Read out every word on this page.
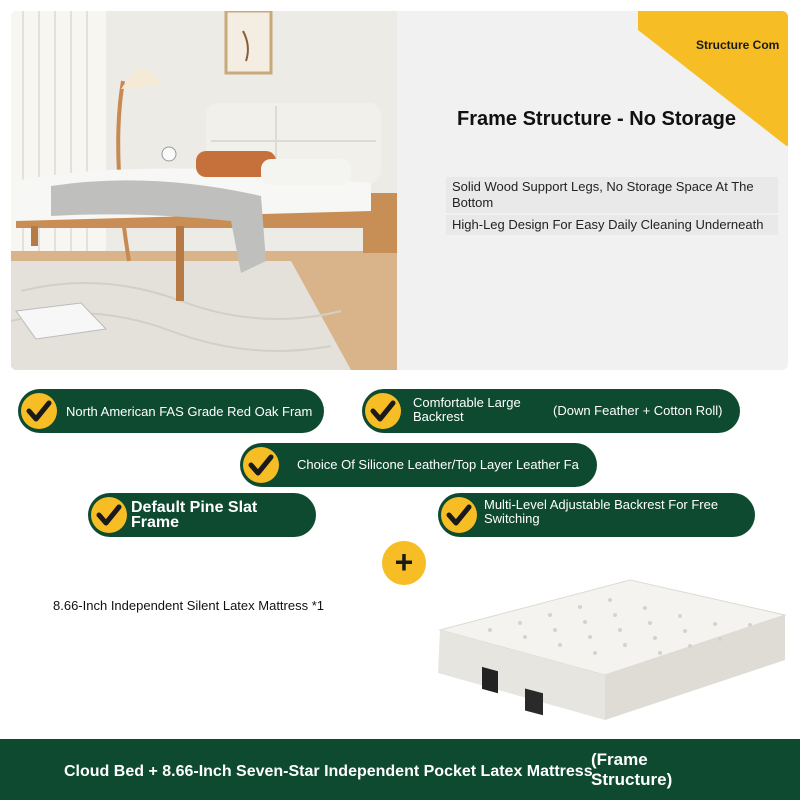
Structure Com
Frame Structure - No Storage
Solid Wood Support Legs, No Storage Space At The Bottom
High-Leg Design For Easy Daily Cleaning Underneath
North American FAS Grade Red Oak Fram
Comfortable Large Backrest	(Down Feather + Cotton Roll)
Choice Of Silicone Leather/Top Layer Leather Fa
Default Pine Slat Frame
Multi-Level Adjustable Backrest For Free Switching
+
8.66-Inch Independent Silent Latex Mattress *1
Cloud Bed + 8.66-Inch Seven-Star Independent Pocket Latex Mattress
(Frame Structure)
